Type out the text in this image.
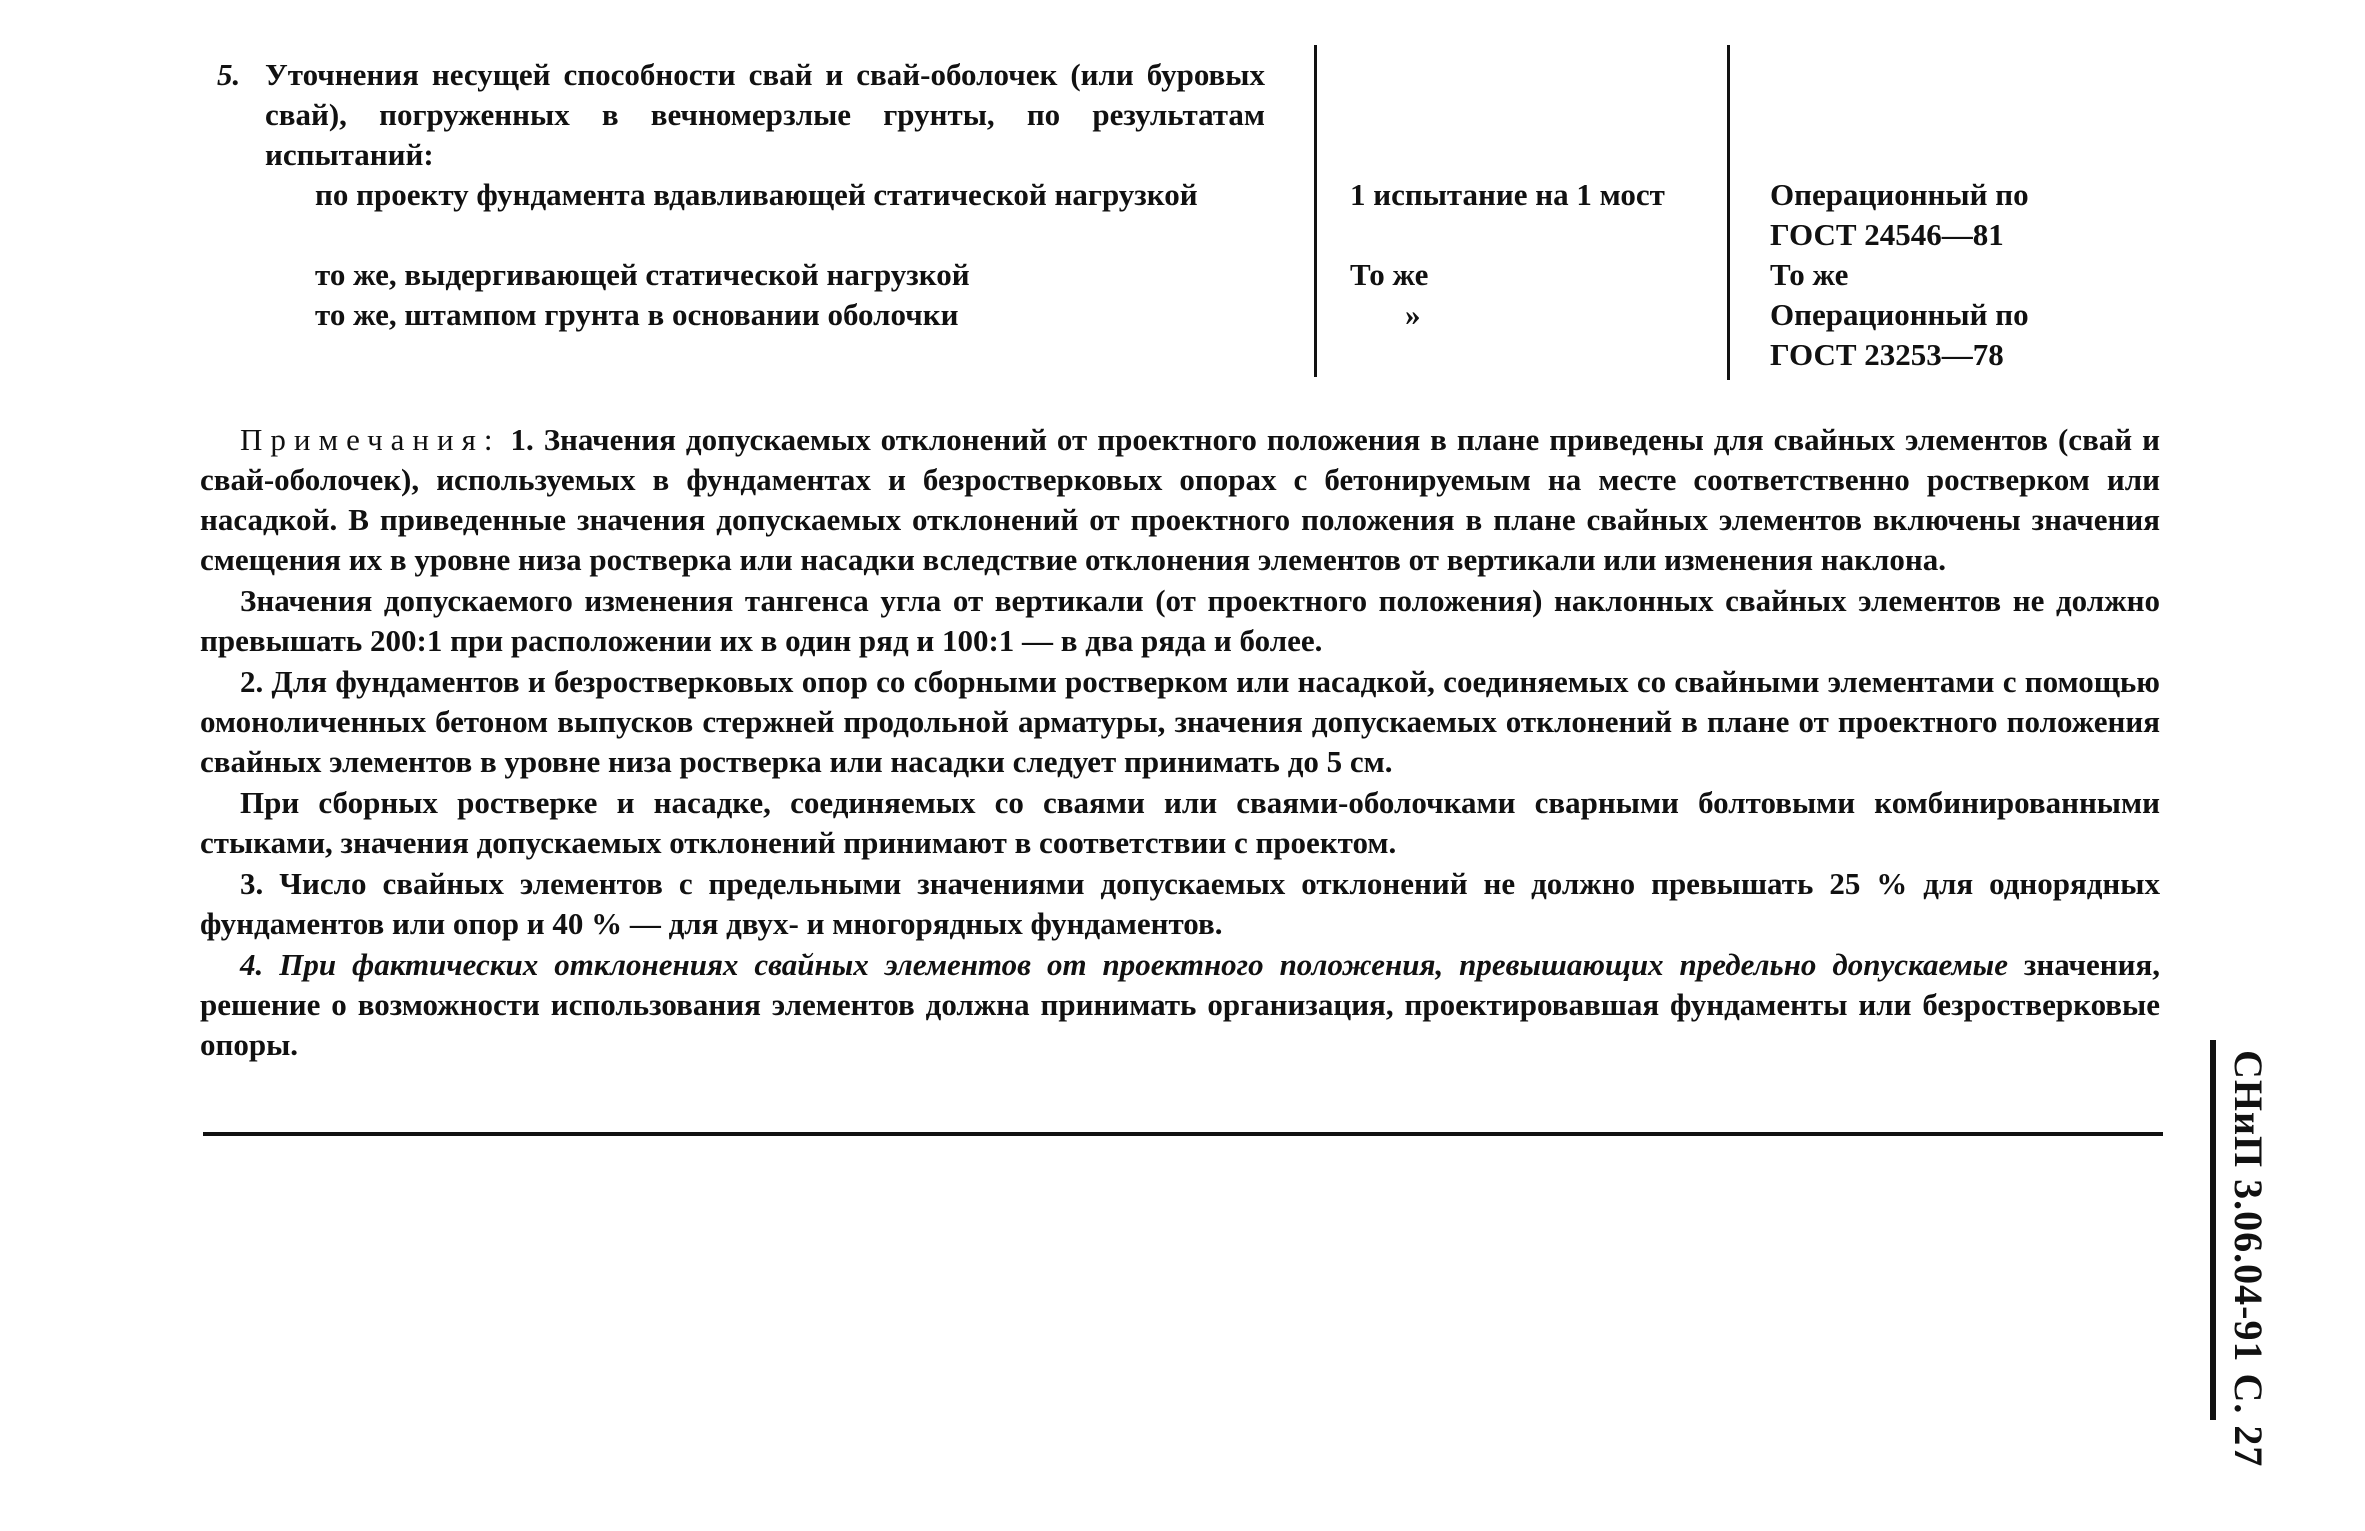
5. Уточнения несущей способности свай и свай-оболочек (или буровых свай), погруженных в вечномерзлые грунты, по результатам испытаний:
по проекту фундамента вдавливающей статической нагрузкой
то же, выдергивающей статической нагрузкой
то же, штампом грунта в основании оболочки
1 испытание на 1 мост
То же
»
Операционный по
ГОСТ 24546—81
То же
Операционный по
ГОСТ 23253—78

Примечания: 1. Значения допускаемых отклонений от проектного положения в плане приведены для свайных элементов (свай и свай-оболочек), используемых в фундаментах и безростверковых опорах с бетонируемым на месте соответственно ростверком или насадкой. В приведенные значения допускаемых отклонений от проектного положения в плане свайных элементов включены значения смещения их в уровне низа ростверка или насадки вследствие отклонения элементов от вертикали или изменения наклона.

Значения допускаемого изменения тангенса угла от вертикали (от проектного положения) наклонных свайных элементов не должно превышать 200:1 при расположении их в один ряд и 100:1 — в два ряда и более.

2. Для фундаментов и безростверковых опор со сборными ростверком или насадкой, соединяемых со свайными элементами с помощью омоноличенных бетоном выпусков стержней продольной арматуры, значения допускаемых отклонений в плане от проектного положения свайных элементов в уровне низа ростверка или насадки следует принимать до 5 см.

При сборных ростверке и насадке, соединяемых со сваями или сваями-оболочками сварными болтовыми комбинированными стыками, значения допускаемых отклонений принимают в соответствии с проектом.

3. Число свайных элементов с предельными значениями допускаемых отклонений не должно превышать 25 % для однорядных фундаментов или опор и 40 % — для двух- и многорядных фундаментов.

4. При фактических отклонениях свайных элементов от проектного положения, превышающих предельно допускаемые значения, решение о возможности использования элементов должна принимать организация, проектировавшая фундаменты или безростверковые опоры.

СНиП 3.06.04-91 С. 27
